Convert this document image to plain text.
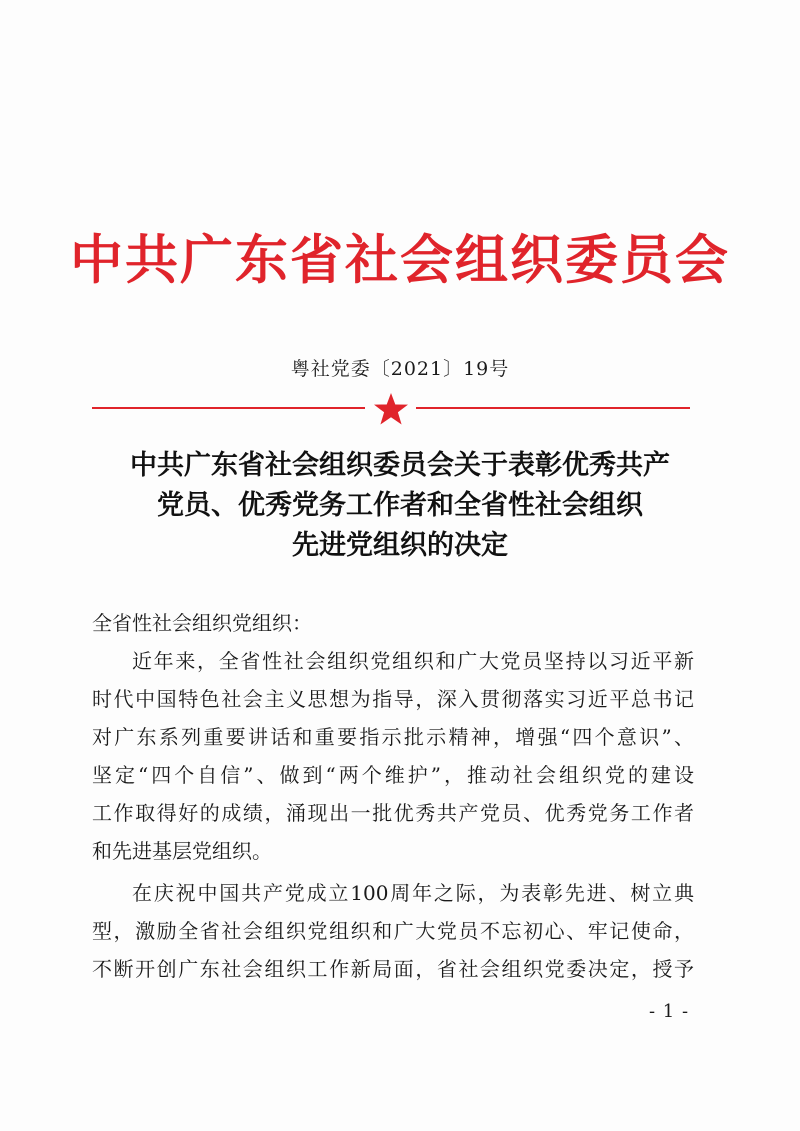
中共广东省社会组织委员会
粤社党委〔2021〕19号
中共广东省社会组织委员会关于表彰优秀共产
党员、优秀党务工作者和全省性社会组织
先进党组织的决定
全省性社会组织党组织：
近年来，全省性社会组织党组织和广大党员坚持以习近平新
时代中国特色社会主义思想为指导，深入贯彻落实习近平总书记
对广东系列重要讲话和重要指示批示精神，增强“四个意识”、
坚定“四个自信”、做到“两个维护”，推动社会组织党的建设
工作取得好的成绩，涌现出一批优秀共产党员、优秀党务工作者
和先进基层党组织。
在庆祝中国共产党成立100周年之际，为表彰先进、树立典
型，激励全省社会组织党组织和广大党员不忘初心、牢记使命，
不断开创广东社会组织工作新局面，省社会组织党委决定，授予
- 1 -
